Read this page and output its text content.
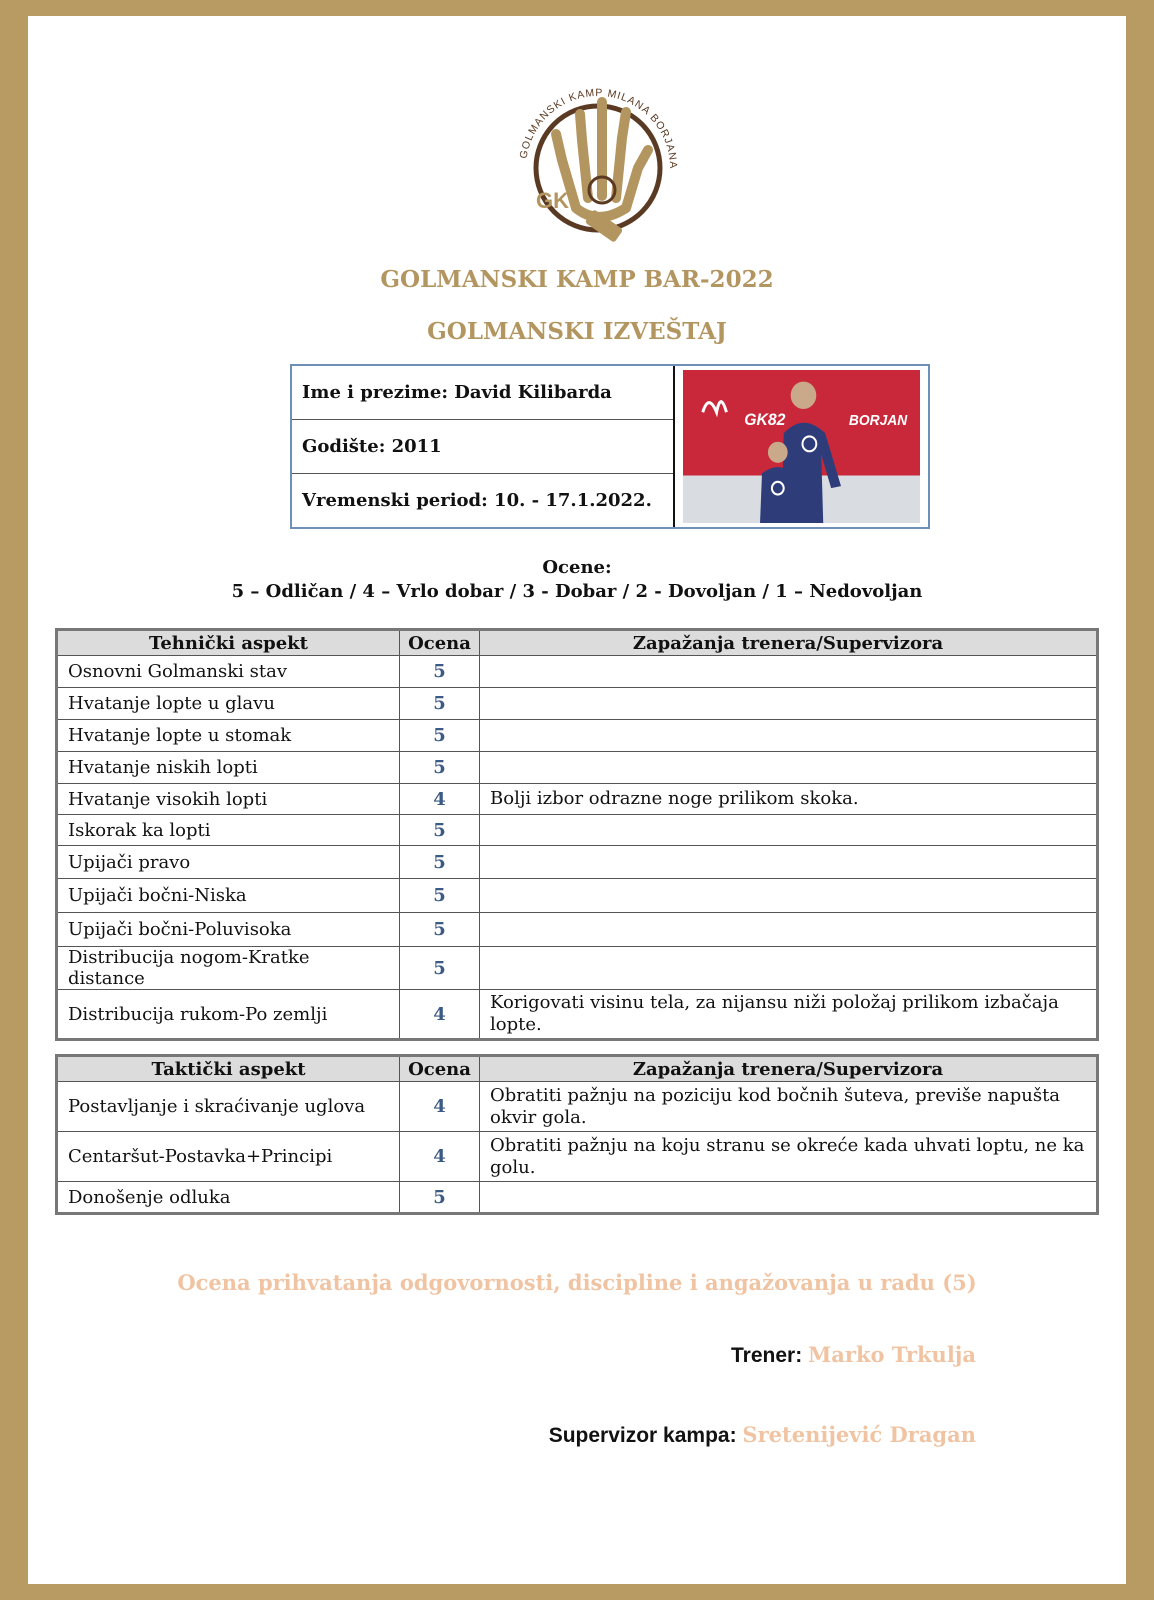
GK
GOLMANSKI KAMP MILANA BORJANA
GOLMANSKI KAMP BAR-2022
GOLMANSKI IZVEŠTAJ
Ime i prezime: David Kilibarda
Godište: 2011
Vremenski period: 10. - 17.1.2022.
GK82	BORJAN
Ocene:
5 – Odličan / 4 – Vrlo dobar / 3 - Dobar / 2 - Dovoljan / 1 – Nedovoljan
Tehnički aspekt	Ocena	Zapažanja trenera/Supervizora
Osnovni Golmanski stav	5	
Hvatanje lopte u glavu	5	
Hvatanje lopte u stomak	5	
Hvatanje niskih lopti	5	
Hvatanje visokih lopti	4	Bolji izbor odrazne noge prilikom skoka.
Iskorak ka lopti	5	
Upijači pravo	5	
Upijači bočni-Niska	5	
Upijači bočni-Poluvisoka	5	
Distribucija nogom-Kratke distance	5	
Distribucija rukom-Po zemlji	4	Korigovati visinu tela, za nijansu niži položaj prilikom izbačaja lopte.
Taktički aspekt	Ocena	Zapažanja trenera/Supervizora
Postavljanje i skraćivanje uglova	4	Obratiti pažnju na poziciju kod bočnih šuteva, previše napušta okvir gola.
Centaršut-Postavka+Principi	4	Obratiti pažnju na koju stranu se okreće kada uhvati loptu, ne ka golu.
Donošenje odluka	5	
Ocena prihvatanja odgovornosti, discipline i angažovanja u radu (5)
Trener: Marko Trkulja
Supervizor kampa: Sretenijević Dragan
